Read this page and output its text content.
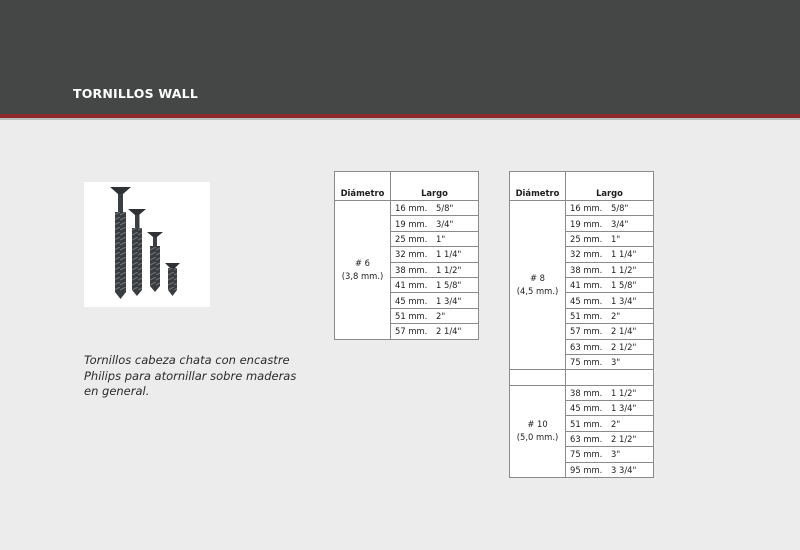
TORNILLOS WALL
Tornillos cabeza chata con encastre Philips para atornillar sobre maderas en general.
Diámetro	Largo
# 6
(3,8 mm.)	16 mm. 5/8"
	19 mm. 3/4"
	25 mm. 1"
	32 mm. 1 1/4"
	38 mm. 1 1/2"
	41 mm. 1 5/8"
	45 mm. 1 3/4"
	51 mm. 2"
	57 mm. 2 1/4"
Diámetro	Largo
# 8
(4,5 mm.)	16 mm. 5/8"
	19 mm. 3/4"
	25 mm. 1"
	32 mm. 1 1/4"
	38 mm. 1 1/2"
	41 mm. 1 5/8"
	45 mm. 1 3/4"
	51 mm. 2"
	57 mm. 2 1/4"
	63 mm. 2 1/2"
	75 mm. 3"

# 10
(5,0 mm.)	38 mm. 1 1/2"
	45 mm. 1 3/4"
	51 mm. 2"
	63 mm. 2 1/2"
	75 mm. 3"
	95 mm. 3 3/4"
